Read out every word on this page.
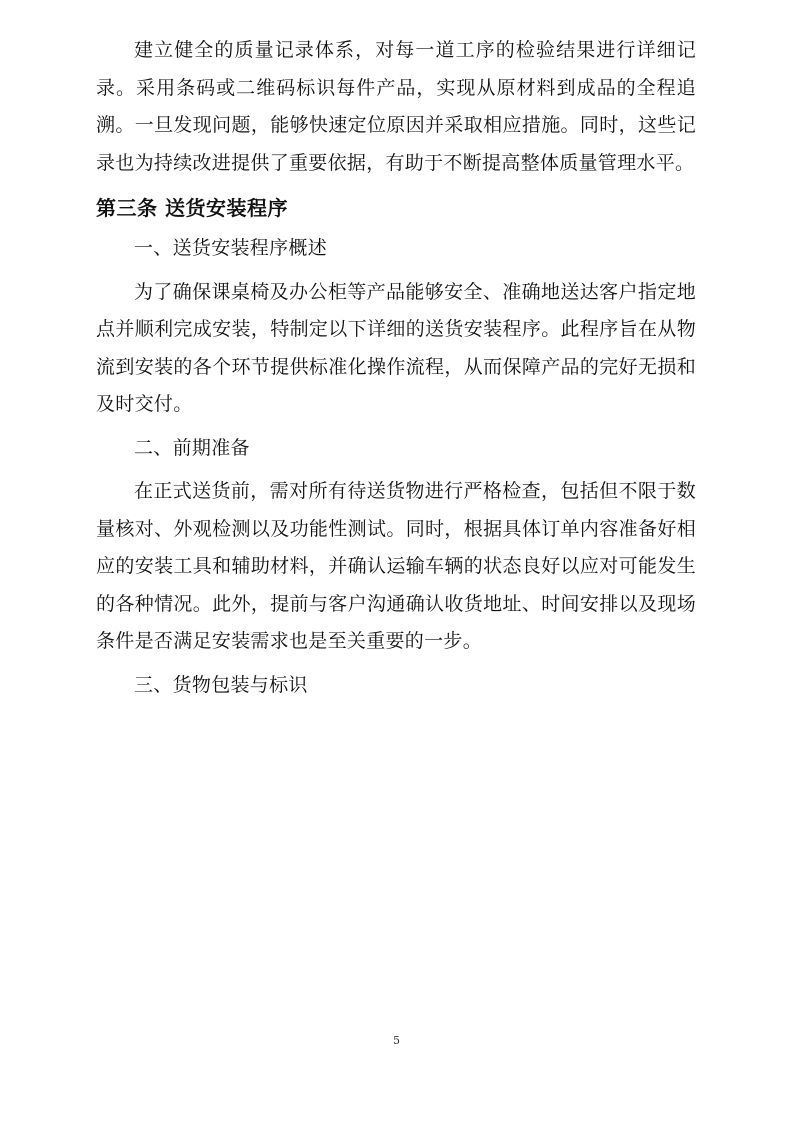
建立健全的质量记录体系，对每一道工序的检验结果进行详细记录。采用条码或二维码标识每件产品，实现从原材料到成品的全程追溯。一旦发现问题，能够快速定位原因并采取相应措施。同时，这些记录也为持续改进提供了重要依据，有助于不断提高整体质量管理水平。

第三条 送货安装程序

一、送货安装程序概述

为了确保课桌椅及办公柜等产品能够安全、准确地送达客户指定地点并顺利完成安装，特制定以下详细的送货安装程序。此程序旨在从物流到安装的各个环节提供标准化操作流程，从而保障产品的完好无损和及时交付。

二、前期准备

在正式送货前，需对所有待送货物进行严格检查，包括但不限于数量核对、外观检测以及功能性测试。同时，根据具体订单内容准备好相应的安装工具和辅助材料，并确认运输车辆的状态良好以应对可能发生的各种情况。此外，提前与客户沟通确认收货地址、时间安排以及现场条件是否满足安装需求也是至关重要的一步。

三、货物包装与标识

5
